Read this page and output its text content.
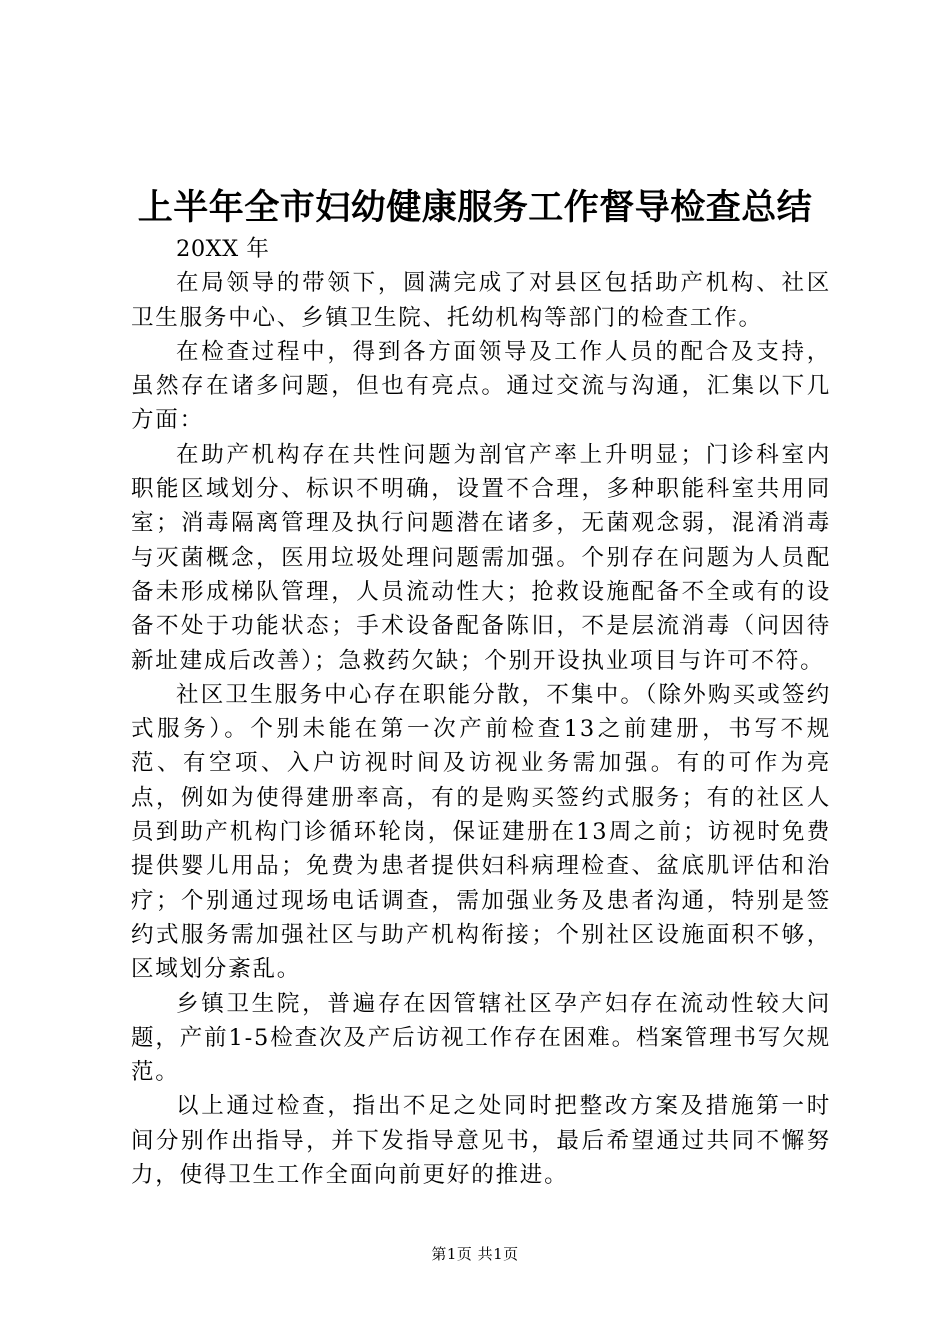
上半年全市妇幼健康服务工作督导检查总结

20XX 年

在局领导的带领下，圆满完成了对县区包括助产机构、社区卫生服务中心、乡镇卫生院、托幼机构等部门的检查工作。

在检查过程中，得到各方面领导及工作人员的配合及支持，虽然存在诸多问题，但也有亮点。通过交流与沟通，汇集以下几方面：

在助产机构存在共性问题为剖官产率上升明显；门诊科室内职能区域划分、标识不明确，设置不合理，多种职能科室共用同室；消毒隔离管理及执行问题潜在诸多，无菌观念弱，混淆消毒与灭菌概念，医用垃圾处理问题需加强。个别存在问题为人员配备未形成梯队管理，人员流动性大；抢救设施配备不全或有的设备不处于功能状态；手术设备配备陈旧，不是层流消毒（问因待新址建成后改善）；急救药欠缺；个别开设执业项目与许可不符。

社区卫生服务中心存在职能分散，不集中。（除外购买或签约式服务）。个别未能在第一次产前检查13之前建册，书写不规范、有空项、入户访视时间及访视业务需加强。有的可作为亮点，例如为使得建册率高，有的是购买签约式服务；有的社区人员到助产机构门诊循环轮岗，保证建册在13周之前；访视时免费提供婴儿用品；免费为患者提供妇科病理检查、盆底肌评估和治疗；个别通过现场电话调查，需加强业务及患者沟通，特别是签约式服务需加强社区与助产机构衔接；个别社区设施面积不够，区域划分紊乱。

乡镇卫生院，普遍存在因管辖社区孕产妇存在流动性较大问题，产前1-5检查次及产后访视工作存在困难。档案管理书写欠规范。

以上通过检查，指出不足之处同时把整改方案及措施第一时间分别作出指导，并下发指导意见书，最后希望通过共同不懈努力，使得卫生工作全面向前更好的推进。

第1页 共1页
